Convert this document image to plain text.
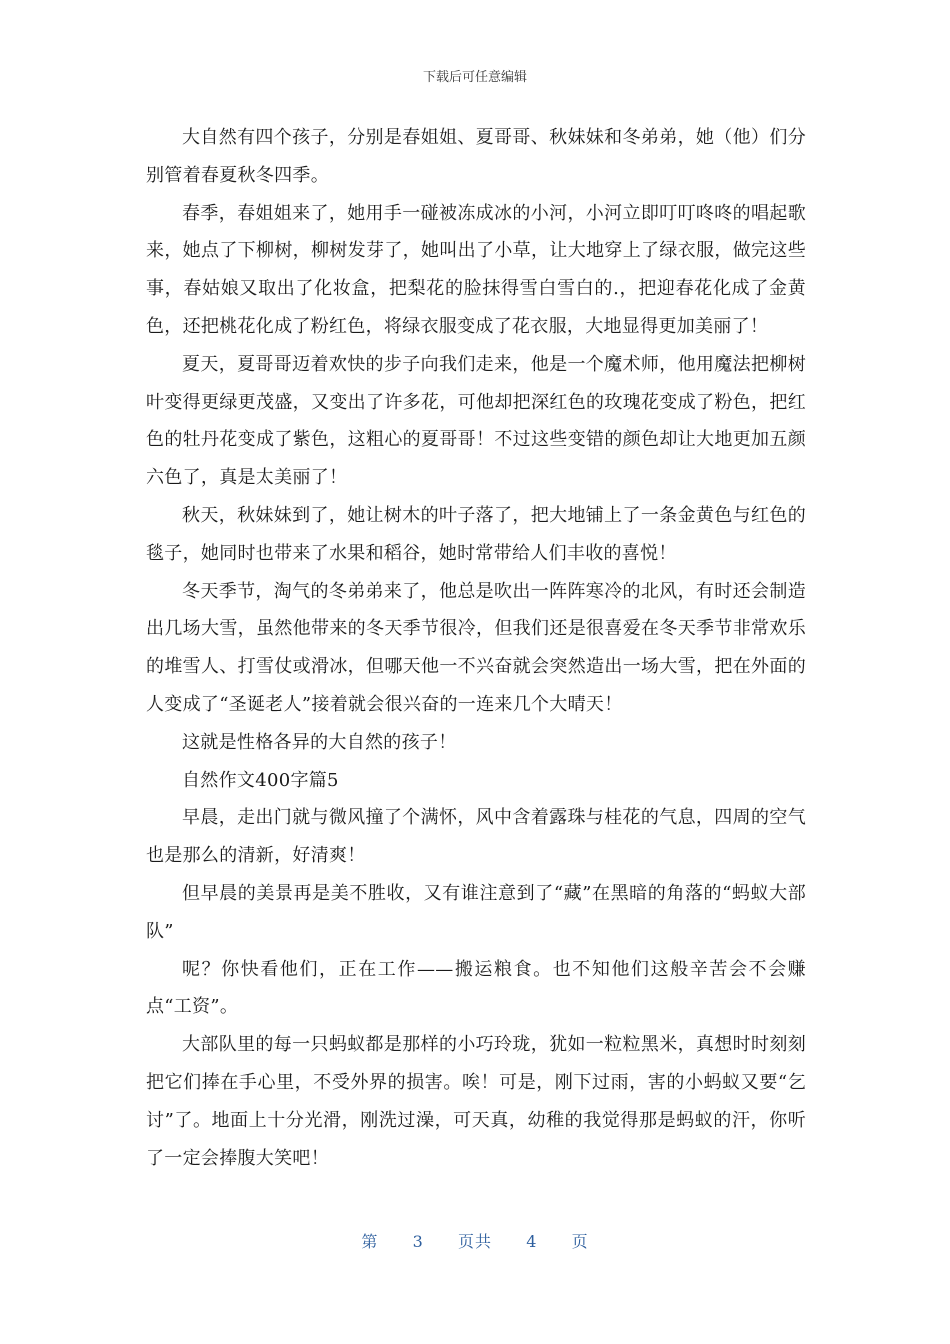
下载后可任意编辑

大自然有四个孩子，分别是春姐姐、夏哥哥、秋妹妹和冬弟弟，她（他）们分别管着春夏秋冬四季。

春季，春姐姐来了，她用手一碰被冻成冰的小河，小河立即叮叮咚咚的唱起歌来，她点了下柳树，柳树发芽了，她叫出了小草，让大地穿上了绿衣服，做完这些事，春姑娘又取出了化妆盒，把梨花的脸抹得雪白雪白的.，把迎春花化成了金黄色，还把桃花化成了粉红色，将绿衣服变成了花衣服，大地显得更加美丽了！

夏天，夏哥哥迈着欢快的步子向我们走来，他是一个魔术师，他用魔法把柳树叶变得更绿更茂盛，又变出了许多花，可他却把深红色的玫瑰花变成了粉色，把红色的牡丹花变成了紫色，这粗心的夏哥哥！不过这些变错的颜色却让大地更加五颜六色了，真是太美丽了！

秋天，秋妹妹到了，她让树木的叶子落了，把大地铺上了一条金黄色与红色的毯子，她同时也带来了水果和稻谷，她时常带给人们丰收的喜悦！

冬天季节，淘气的冬弟弟来了，他总是吹出一阵阵寒冷的北风，有时还会制造出几场大雪，虽然他带来的冬天季节很冷，但我们还是很喜爱在冬天季节非常欢乐的堆雪人、打雪仗或滑冰，但哪天他一不兴奋就会突然造出一场大雪，把在外面的人变成了“圣诞老人”接着就会很兴奋的一连来几个大晴天！

这就是性格各异的大自然的孩子！

自然作文400字篇5

早晨，走出门就与微风撞了个满怀，风中含着露珠与桂花的气息，四周的空气也是那么的清新，好清爽！

但早晨的美景再是美不胜收，又有谁注意到了“藏”在黑暗的角落的“蚂蚁大部队”

呢？你快看他们，正在工作——搬运粮食。也不知他们这般辛苦会不会赚点“工资”。

大部队里的每一只蚂蚁都是那样的小巧玲珑，犹如一粒粒黑米，真想时时刻刻把它们捧在手心里，不受外界的损害。唉！可是，刚下过雨，害的小蚂蚁又要“乞讨”了。地面上十分光滑，刚洗过澡，可天真，幼稚的我觉得那是蚂蚁的汗，你听了一定会捧腹大笑吧！

第 3 页共 4 页
